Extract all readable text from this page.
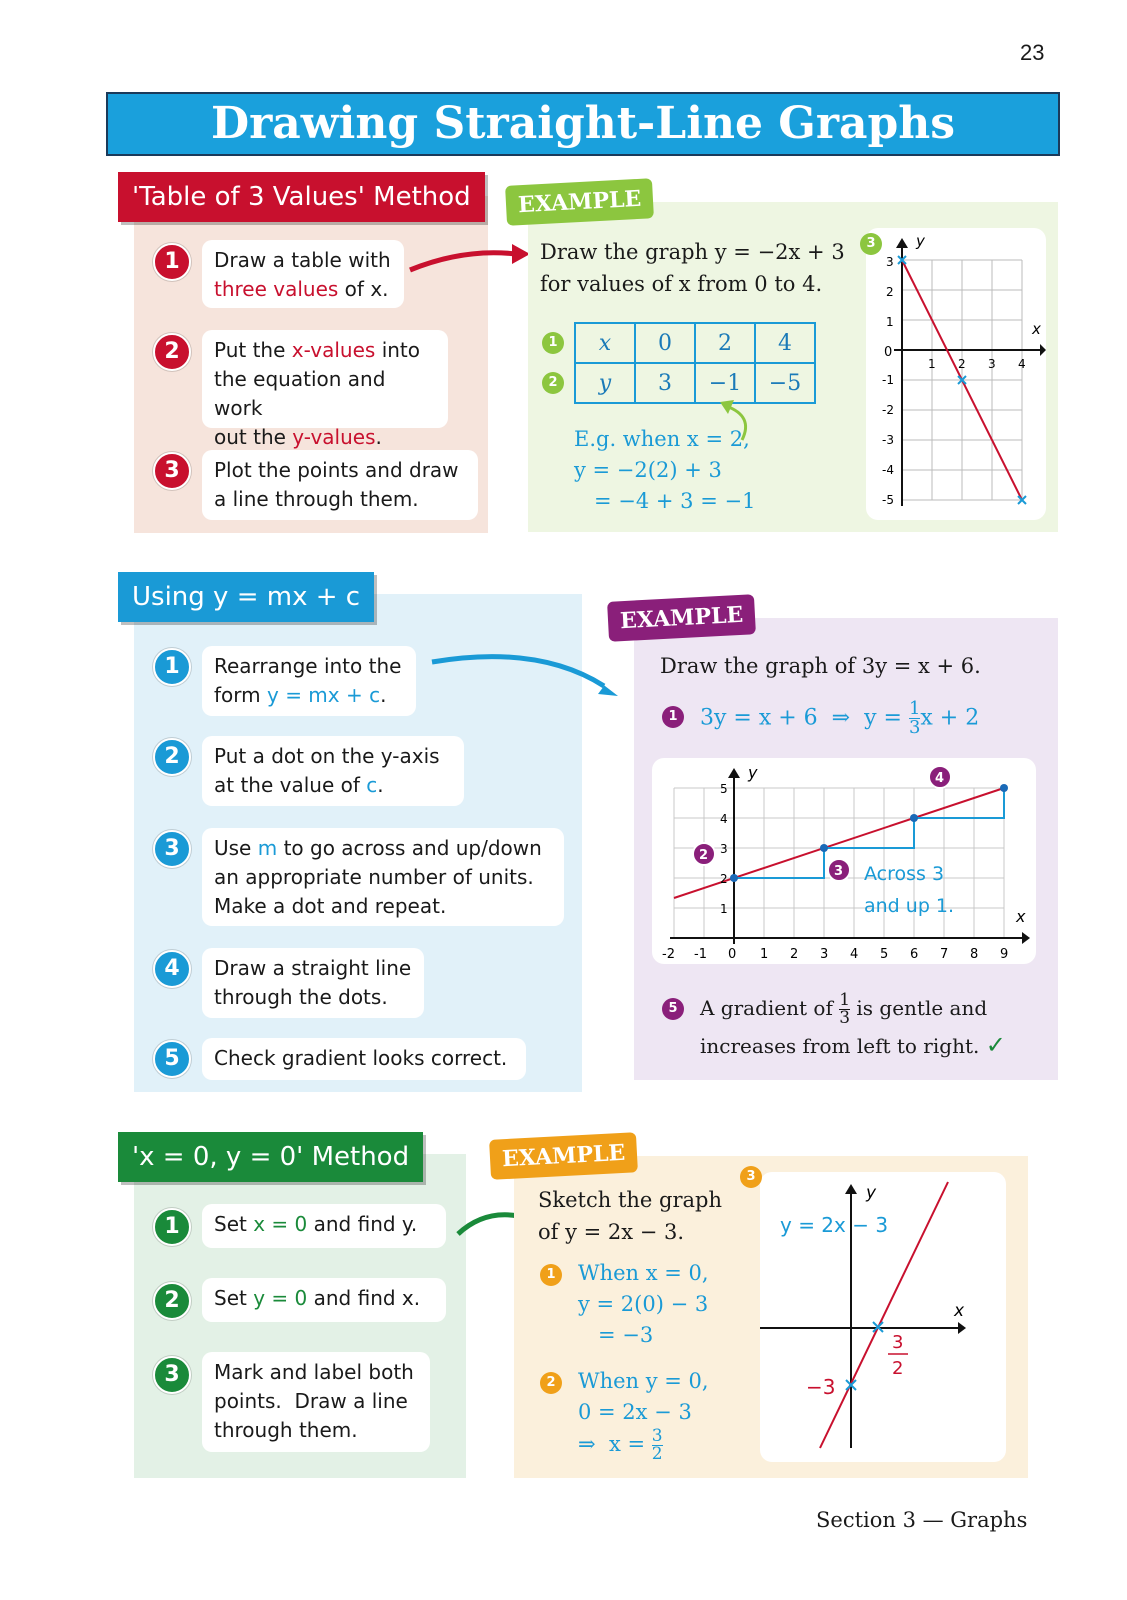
23
Drawing Straight-Line Graphs
'Table of 3 Values' Method
1	Draw a table with
three values of x.
2	Put the x-values into
the equation and work
out the y-values.
3	Plot the points and draw
a line through them.
EXAMPLE
Draw the graph y = −2x + 3
for values of x from 0 to 4.
1
2
x	0	2	4
y	3	−1	−5
E.g. when x = 2,
y = −2(2) + 3
= −4 + 3 = −1
3	y
x
0
1 2 3 4
3
2
1
-1
-2
-3
-4
-5
Using y = mx + c
1	Rearrange into the
form y = mx + c.
2	Put a dot on the y-axis
at the value of c.
3	Use m to go across and up/down
an appropriate number of units.
Make a dot and repeat.
4	Draw a straight line
through the dots.
5	Check gradient looks correct.
EXAMPLE
Draw the graph of 3y = x + 6.
1 3y = x + 6  ⇒  $y = \frac{1}{3}$ x + 2
y
x
0
-2 -1	1 2 3 4 5 6 7 8 9
5
4
3
2
1
2
3
4
Across 3
and up 1.
5	A gradient of $\frac{1}{3}$ is gentle and
increases from left to right. ✓
'x = 0, y = 0' Method
1	Set x = 0 and find y.
2	Set y = 0 and find x.
3	Mark and label both
points.  Draw a line
through them.
EXAMPLE
Sketch the graph
of y = 2x − 3.
1	When x = 0,
y = 2(0) − 3
= −3
2	When y = 0,
0 = 2x − 3
⇒  $x = \frac{3}{2}$
3
y
x
y = 2x − 3
−3
3
2
Section 3 — Graphs
